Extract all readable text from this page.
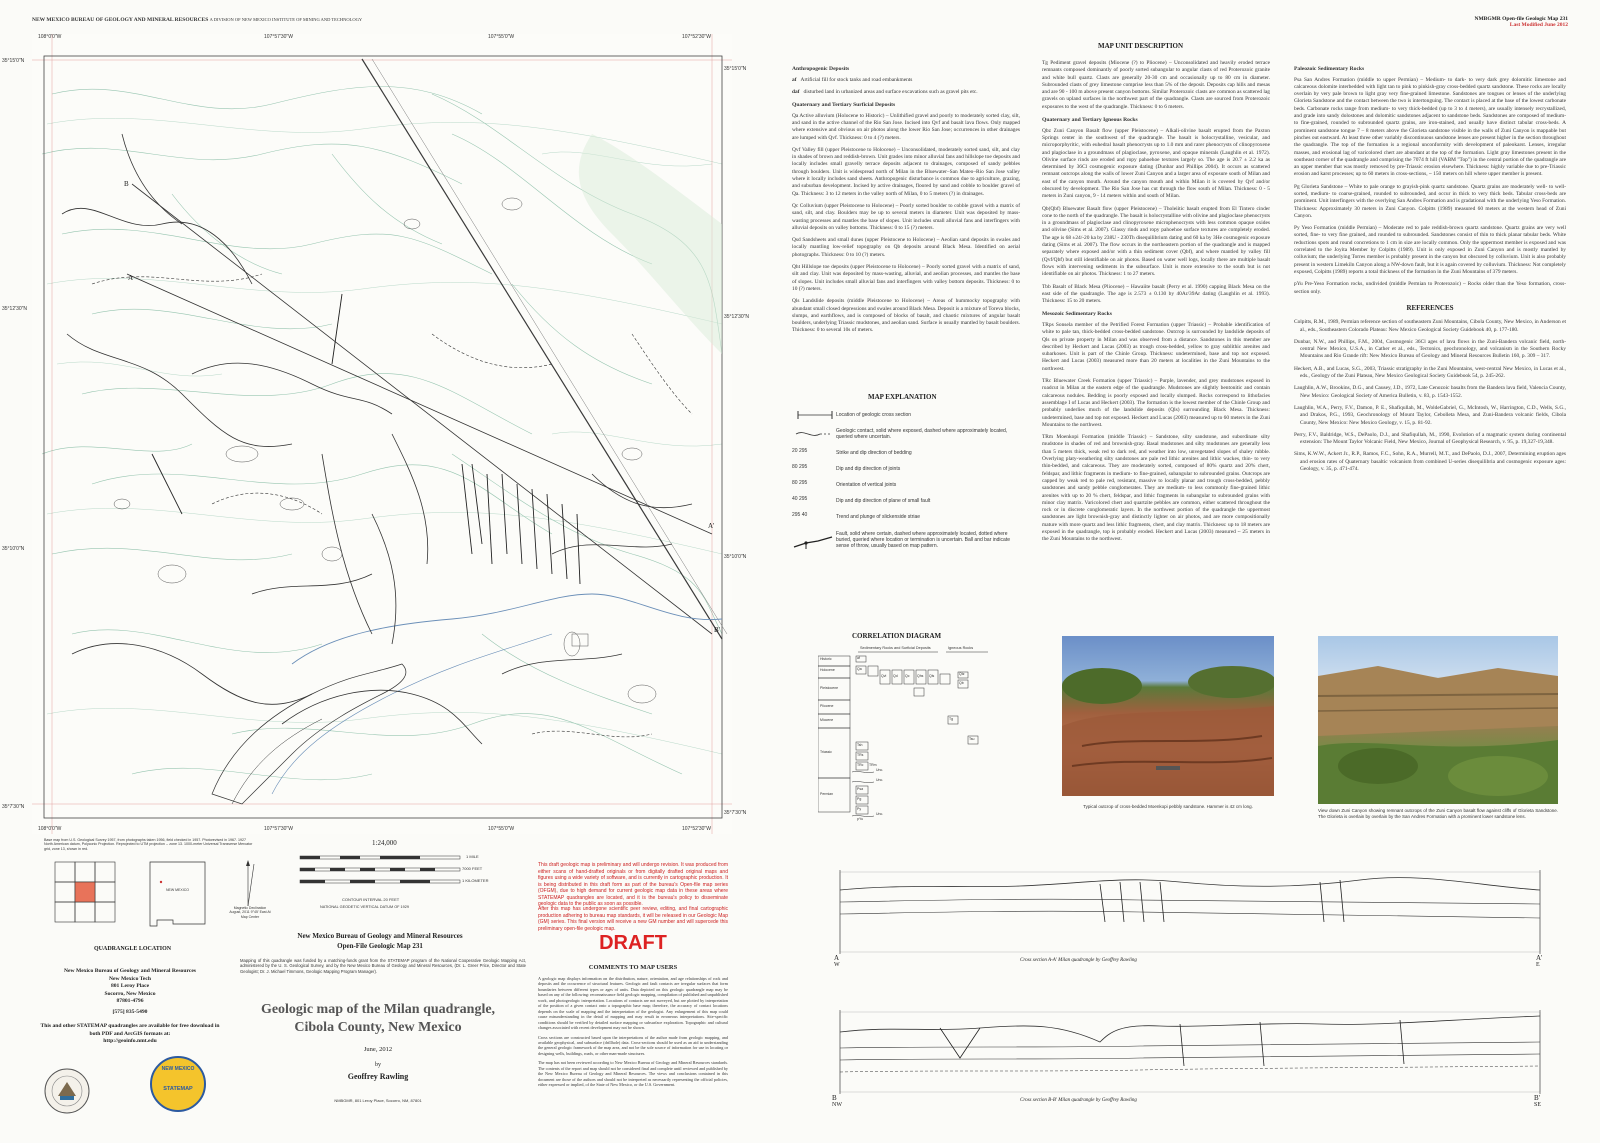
NEW MEXICO BUREAU OF GEOLOGY AND MINERAL RESOURCES A DIVISION OF NEW MEXICO INSTITUTE OF MINING AND TECHNOLOGY	NMBGMR Open-file Geologic Map 231
Last Modified June 2012
108°0'0"W	107°57'30"W	107°55'0"W	107°52'30"W
108°0'0"W	107°57'30"W	107°55'0"W	107°52'30"W
35°15'0"N
35°12'30"N
35°10'0"N
35°7'30"N
35°15'0"N
35°12'30"N
35°10'0"N
35°7'30"N
A
B
A'
B'
Base map from U.S. Geological Survey 1957, from photographs taken 1956, field checked in 1957. Photorevised in 1967. 1927 North American datum, Polyconic Projection. Reprojected to UTM projection -- zone 13. 1000-meter Universal Transverse Mercator grid, zone 13, shown in red.
1:24,000
1 MILE
7000 FEET
1 KILOMETER
CONTOUR INTERVAL 20 FEET
NATIONAL GEODETIC VERTICAL DATUM OF 1929
Magnetic Declination August, 2011 9°45' East At Map Center
NEW MEXICO
QUADRANGLE LOCATION
New Mexico Bureau of Geology and Mineral Resources
New Mexico Tech
801 Leroy Place
Socorro, New Mexico
87801-4796
[575] 835-5490
This and other STATEMAP quadrangles are available for free download in both PDF and ArcGIS formats at:
http://geoinfo.nmt.edu
NEW MEXICO
STATEMAP
New Mexico Bureau of Geology and Mineral Resources
Open-File Geologic Map 231
Mapping of this quadrangle was funded by a matching-funds grant from the STATEMAP program of the National Cooperative Geologic Mapping Act, administered by the U. S. Geological Survey, and by the New Mexico Bureau of Geology and Mineral Resources, (Dr. L. Greer Price, Director and State Geologist; Dr. J. Michael Timmons, Geologic Mapping Program Manager).
Geologic map of the Milan quadrangle,
Cibola County, New Mexico
June, 2012
by
Geoffrey Rawling
NMBGMR, 801 Leroy Place, Socorro, NM, 87801
This draft geologic map is preliminary and will undergo revision. It was produced from either scans of hand-drafted originals or from digitally drafted original maps and figures using a wide variety of software, and is currently in cartographic production. It is being distributed in this draft form as part of the bureau's Open-file map series (OFGM), due to high demand for current geologic map data in these areas where STATEMAP quadrangles are located, and it is the bureau's policy to disseminate geologic data to the public as soon as possible.
After this map has undergone scientific peer review, editing, and final cartographic production adhering to bureau map standards, it will be released in our Geologic Map (GM) series. This final version will receive a new GM number and will supercede this preliminary open-file geologic map.
DRAFT
COMMENTS TO MAP USERS
A geologic map displays information on the distribution, nature, orientation, and age relationships of rock and deposits and the occurrence of structural features. Geologic and fault contacts are irregular surfaces that form boundaries between different types or ages of units. Data depicted on this geologic quadrangle map may be based on any of the following: reconnaissance field geologic mapping, compilation of published and unpublished work, and photogeologic interpretation. Locations of contacts are not surveyed, but are plotted by interpretation of the position of a given contact onto a topographic base map; therefore, the accuracy of contact locations depends on the scale of mapping and the interpretation of the geologist. Any enlargement of this map could cause misunderstanding in the detail of mapping and may result in erroneous interpretations. Site-specific conditions should be verified by detailed surface mapping or subsurface exploration. Topographic and cultural changes associated with recent development may not be shown.
Cross sections are constructed based upon the interpretations of the author made from geologic mapping, and available geophysical, and subsurface (drillhole) data. Cross-sections should be used as an aid to understanding the general geologic framework of the map area, and not be the sole source of information for use in locating or designing wells, buildings, roads, or other man-made structures.
The map has not been reviewed according to New Mexico Bureau of Geology and Mineral Resources standards. The contents of the report and map should not be considered final and complete until reviewed and published by the New Mexico Bureau of Geology and Mineral Resources. The views and conclusions contained in this document are those of the authors and should not be interpreted as necessarily representing the official policies, either expressed or implied, of the State of New Mexico, or the U.S. Government.
Anthropogenic Deposits
af Artificial fill for stock tanks and road embankments
daf disturbed land in urbanized areas and surface excavations such as gravel pits etc.
Quaternary and Tertiary Surficial Deposits
Qa Active alluvium (Holocene to Historic) – Unlithified gravel and poorly to moderately sorted clay, silt, and sand in the active channel of the Rio San Jose. Incised into Qvf and basalt lava flows. Only mapped where extensive and obvious on air photos along the lower Rio San Jose; occurrences in other drainages are lumped with Qvf. Thickness: 0 to 4 (?) meters.
Qvf Valley fill (upper Pleistocene to Holocene) – Unconsolidated, moderately sorted sand, silt, and clay in shades of brown and reddish-brown. Unit grades into minor alluvial fans and hillslope toe deposits and locally includes small gravelly terrace deposits adjacent to drainages, composed of sandy pebbles through boulders. Unit is widespread north of Milan in the Bluewater–San Mateo–Rio San Jose valley where it locally includes sand sheets. Anthropogenic disturbance is common due to agriculture, grazing, and suburban development. Incised by active drainages, floored by sand and cobble to boulder gravel of Qa. Thickness: 3 to 12 meters in the valley north of Milan, 0 to 5 meters (?) in drainages.
Qc Colluvium (upper Pleistocene to Holocene) – Poorly sorted boulder to cobble gravel with a matrix of sand, silt, and clay. Boulders may be up to several meters in diameter. Unit was deposited by mass-wasting processes and mantles the base of slopes. Unit includes small alluvial fans and interfingers with alluvial deposits on valley bottoms. Thickness: 0 to 15 (?) meters.
Qsd Sandsheets and small dunes (upper Pleistocene to Holocene) – Aeolian sand deposits in swales and locally mantling low-relief topography on Qb deposits around Black Mesa. Identified on aerial photographs. Thickness: 0 to 10 (?) meters.
Qht Hillslope toe deposits (upper Pleistocene to Holocene) – Poorly sorted gravel with a matrix of sand, silt and clay. Unit was deposited by mass-wasting, alluvial, and aeolian processes, and mantles the base of slopes. Unit includes small alluvial fans and interfingers with valley bottom deposits. Thickness: 0 to 10 (?) meters.
Qls Landslide deposits (middle Pleistocene to Holocene) – Areas of hummocky topography with abundant small closed depressions and swales around Black Mesa. Deposit is a mixture of Toreva blocks, slumps, and earthflows, and is composed of blocks of basalt, and chaotic mixtures of angular basalt boulders, underlying Triassic mudstones, and aeolian sand. Surface is usually mantled by basalt boulders. Thickness: 0 to several 10s of meters.
MAP EXPLANATION
Location of geologic cross section
Geologic contact, solid where exposed, dashed where approximately located, queried where uncertain.
20 295	Strike and dip direction of bedding
80 295	Dip and dip direction of joints
80 295	Orientation of vertical joints
40 295	Dip and dip direction of plane of small fault
295 40	Trend and plunge of slickenside striae
Fault, solid where certain, dashed where approximately located, dotted where buried, queried where location or termination is uncertain. Ball and bar indicate sense of throw, usually based on map pattern.
CORRELATION DIAGRAM
Sedimentary Rocks and Surficial Deposits	Igneous Rocks
Historic
Holocene
Pleistocene
Pliocene
Miocene
Triassic
Permian
Unc.
Unc.
Unc.
af
Qa
Qvl Qd Qc Qhs Qls	Qtz
Qb
Tg
Tsu
Tsh
TRs
TRc TRm
Psa
Pg
Py
pYu
MAP UNIT DESCRIPTION
Tg Pediment gravel deposits (Miocene (?) to Pliocene) – Unconsolidated and heavily eroded terrace remnants composed dominantly of poorly sorted subangular to angular clasts of red Proterozoic granite and white bull quartz. Clasts are generally 20-30 cm and occasionally up to 80 cm in diameter. Subrounded clasts of grey limestone comprise less than 5% of the deposit. Deposits cap hills and mesas and are 90 - 100 m above present canyon bottoms. Similar Proterozoic clasts are common as scattered lag gravels on upland surfaces in the northwest part of the quadrangle. Clasts are sourced from Proterozoic exposures to the west of the quadrangle. Thickness: 0 to 6 meters.
Quaternary and Tertiary Igneous Rocks
Qbz Zuni Canyon Basalt flow (upper Pleistocene) – Alkali-olivine basalt erupted from the Paxton Springs center in the southwest of the quadrangle. The basalt is holocrystalline, vesicular, and microporphyritic, with euhedral basalt phenocrysts up to 1.0 mm and rarer phenocrysts of clinopyroxene and plagioclase in a groundmass of plagioclase, pyroxene, and opaque minerals (Laughlin et al. 1972). Olivine surface rinds are eroded and ropy pahoehoe textures largely so. The age is 20.7 ± 2.2 ka as determined by 36Cl cosmogenic exposure dating (Dunbar and Phillips 2004). It occurs as scattered remnant outcrops along the walls of lower Zuni Canyon and a larger area of exposure south of Milan and east of the canyon mouth. Around the canyon mouth and within Milan it is covered by Qvf and/or obscured by development. The Rio San Jose has cut through the flow south of Milan. Thickness: 0 - 5 meters in Zuni canyon, 9 - 14 meters within and south of Milan.
Qb(Qbf) Bluewater Basalt flow (upper Pleistocene) – Tholeiitic basalt erupted from El Tintero cinder cone to the north of the quadrangle. The basalt is holocrystalline with olivine and plagioclase phenocrysts in a groundmass of plagioclase and clinopyroxene microphenocrysts with less common opaque oxides and olivine (Sims et al. 2007). Glassy rinds and ropy pahoehoe surface textures are completely eroded. The age is 68 ±24/-20 ka by 238U - 230Th disequilibrium dating and 60 ka by 3He cosmogenic exposure dating (Sims et al. 2007). The flow occurs in the northeastern portion of the quadrangle and is mapped separately where exposed and/or with a thin sediment cover (Qbf), and where mantled by valley fill (Qvf/Qbf) but still identifiable on air photos. Based on water well logs, locally there are multiple basalt flows with intervening sediments in the subsurface. Unit is more extensive to the south but is not identifiable on air photos. Thickness: 1 to 27 meters.
Tbb Basalt of Black Mesa (Pliocene) – Hawaiite basalt (Perry et al. 1990) capping Black Mesa on the east side of the quadrangle. The age is 2.573 ± 0.130 by 40Ar/39Ar dating (Laughlin et al. 1993). Thickness: 15 to 20 meters.
Mesozoic Sedimentary Rocks
TRps Sonsela member of the Petrified Forest Formation (upper Triassic) – Probable identification of white to pale tan, thick-bedded cross-bedded sandstone. Outcrop is surrounded by landslide deposits of Qls on private property in Milan and was observed from a distance. Sandstones in this member are described by Heckert and Lucas (2003) as trough cross-bedded, yellow to gray sublithic arenites and subarkoses. Unit is part of the Chinle Group. Thickness: undetermined, base and top not exposed. Heckert and Lucas (2003) measured more than 20 meters at localities in the Zuni Mountains to the northwest.
TRc Bluewater Creek Formation (upper Triassic) – Purple, lavender, and grey mudstones exposed in roadcut in Milan at the eastern edge of the quadrangle. Mudstones are slightly bentonitic and contain calcareous nodules. Bedding is poorly exposed and locally slumped. Rocks correspond to lithofacies assemblage I of Lucas and Heckert (2003). The formation is the lowest member of the Chinle Group and probably underlies much of the landslide deposits (Qls) surrounding Black Mesa. Thickness: undetermined, base and top not exposed. Heckert and Lucas (2003) measured up to 60 meters in the Zuni Mountains to the northwest.
TRm Moenkopi Formation (middle Triassic) – Sandstone, silty sandstone, and subordinate silty mudstone in shades of red and brownish-gray. Basal mudstones and silty mudstones are generally less than 5 meters thick, weak red to dark red, and weather into low, unvegetated slopes of shaley rubble. Overlying platy-weathering silty sandstones are pale red lithic arenites and lithic wackes, thin- to very thin-bedded, and calcareous. They are moderately sorted, composed of 80% quartz and 20% chert, feldspar, and lithic fragments in medium- to fine-grained, subangular to subrounded grains. Outcrops are capped by weak red to pale red, resistant, massive to locally planar and trough cross-bedded, pebbly sandstones and sandy pebble conglomerates. They are medium- to less commonly fine-grained lithic arenites with up to 20 % chert, feldspar, and lithic fragments in subangular to subrounded grains with minor clay matrix. Varicolored chert and quartzite pebbles are common, either scattered throughout the rock or in discrete conglomeratic layers. In the northwest portion of the quadrangle the uppermost sandstones are light brownish-gray and distinctly lighter on air photos, and are more compositionally mature with more quartz and less lithic fragments, chert, and clay matrix. Thickness: up to 18 meters are exposed in the quadrangle, top is probably eroded. Heckert and Lucas (2003) measured ~ 25 meters in the Zuni Mountains to the northwest.
Paleozoic Sedimentary Rocks
Psa San Andres Formation (middle to upper Permian) – Medium- to dark- to very dark grey dolomitic limestone and calcareous dolomite interbedded with light tan to pink to pinkish-gray cross-bedded quartz sandstone. These rocks are locally overlain by very pale brown to light gray very fine-grained limestone. Sandstones are tongues or lenses of the underlying Glorieta Sandstone and the contact between the two is intertonguing. The contact is placed at the base of the lowest carbonate beds. Carbonate rocks range from medium- to very thick-bedded (up to 3 to 4 meters), are usually intensely recrystallized, and grade into sandy dolostones and dolomitic sandstones adjacent to sandstone beds. Sandstones are composed of medium- to fine-grained, rounded to subrounded quartz grains, are iron-stained, and usually have distinct tabular cross-beds. A prominent sandstone tongue 7 – 8 meters above the Glorieta sandstone visible in the walls of Zuni Canyon is mappable but pinches out eastward. At least three other variably discontinuous sandstone lenses are present higher in the section throughout the quadrangle. The top of the formation is a regional unconformity with development of paleokarst. Lenses, irregular masses, and erosional lag of varicolored chert are abundant at the top of the formation. Light gray limestones present in the southeast corner of the quadrangle and comprising the 7074 ft hill (VABM "Top") in the central portion of the quadrangle are an upper member that was mostly removed by pre-Triassic erosion elsewhere. Thickness: highly variable due to pre-Triassic erosion and karst processes; up to 60 meters in cross-sections, ~ 150 meters on hill where upper member is present.
Pg Glorieta Sandstone – White to pale orange to grayish-pink quartz sandstone. Quartz grains are moderately well- to well-sorted, medium- to coarse-grained, rounded to subrounded, and occur in thick to very thick beds. Tabular cross-beds are prominent. Unit interfingers with the overlying San Andres Formation and is gradational with the underlying Yeso Formation. Thickness: Approximately 30 meters in Zuni Canyon. Colpitts (1989) measured 60 meters at the western head of Zuni Canyon.
Py Yeso Formation (middle Permian) – Moderate red to pale reddish-brown quartz sandstone. Quartz grains are very well sorted, fine- to very fine grained, and rounded to subrounded. Sandstones consist of thin to thick planar tabular beds. White reductions spots and round concretions to 1 cm in size are locally common. Only the uppermost member is exposed and was correlated to the Joyita Member by Colpitts (1989). Unit is only exposed in Zuni Canyon and is mostly mantled by colluvium; the underlying Torres member is probably present in the canyon but obscured by colluvium. Unit is also probably present in western Limekiln Canyon along a NW-down fault, but it is again covered by colluvium. Thickness: Not completely exposed, Colpitts (1989) reports a total thickness of the formation in the Zuni Mountains of 379 meters.
pYu Pre-Yeso Formation rocks, undivided (middle Permian to Proterozoic) – Rocks older than the Yeso formation, cross-section only.
REFERENCES
Colpitts, R.M., 1989, Permian reference section of southeastern Zuni Mountains, Cibola County, New Mexico, in Anderson et al., eds., Southeastern Colorado Plateau: New Mexico Geological Society Guidebook 40, p. 177-180.
Dunbar, N.W., and Phillips, F.M., 2004, Cosmogenic 36Cl ages of lava flows in the Zuni-Bandera volcanic field, north-central New Mexico, U.S.A., in Cather et al., eds., Tectonics, geochronology, and volcanism in the Southern Rocky Mountains and Rio Grande rift: New Mexico Bureau of Geology and Mineral Resources Bulletin 160, p. 309 – 317.
Heckert, A.B., and Lucas, S.G., 2003, Triassic stratigraphy in the Zuni Mountains, west-central New Mexico, in Lucas et al., eds., Geology of the Zuni Plateau, New Mexico Geological Society Guidebook 54, p. 245-262.
Laughlin, A.W., Brookins, D.G., and Causey, J.D., 1972, Late Cenozoic basalts from the Bandera lava field, Valencia County, New Mexico: Geological Society of America Bulletin, v. 83, p. 1543-1552.
Laughlin, W.A., Perry, F.V., Damon, P. E., Shafiqullah, M., WoldeGabriel, G., McIntosh, W., Harrington, C.D., Wells, S.G., and Drakos, P.G., 1993, Geochronology of Mount Taylor, Cebolleta Mesa, and Zuni-Bandera volcanic fields, Cibola County, New Mexico: New Mexico Geology, v. 15, p. 81-92.
Perry, F.V., Baldridge, W.S., DePaolo, D.J., and Shafiqullah, M., 1990, Evolution of a magmatic system during continental extension: The Mount Taylor Volcanic Field, New Mexico, Journal of Geophysical Research, v. 95, p. 19,327-19,348.
Sims, K.W.W., Ackert Jr., R.P., Ramos, F.C., Sohn, R.A., Murrell, M.T., and DePaolo, D.J., 2007, Determining eruption ages and erosion rates of Quaternary basaltic volcanism from combined U-series disequilibria and cosmogenic exposure ages: Geology, v. 35, p. 471-474.
Typical outcrop of cross-bedded Moenkopi pebbly sandstone. Hammer is 42 cm long.
View down Zuni Canyon showing remnant outcrops of the Zuni Canyon basalt flow against cliffs of Glorieta Sandstone. The Glorieta is overlain by overlain by the San Andres Formation with a prominent lower sandstone lens.
A
W
A'
E
Cross section A-A' Milan quadrangle by Geoffrey Rawling
B
NW
B'
SE
Cross section B-B' Milan quadrangle by Geoffrey Rawling
